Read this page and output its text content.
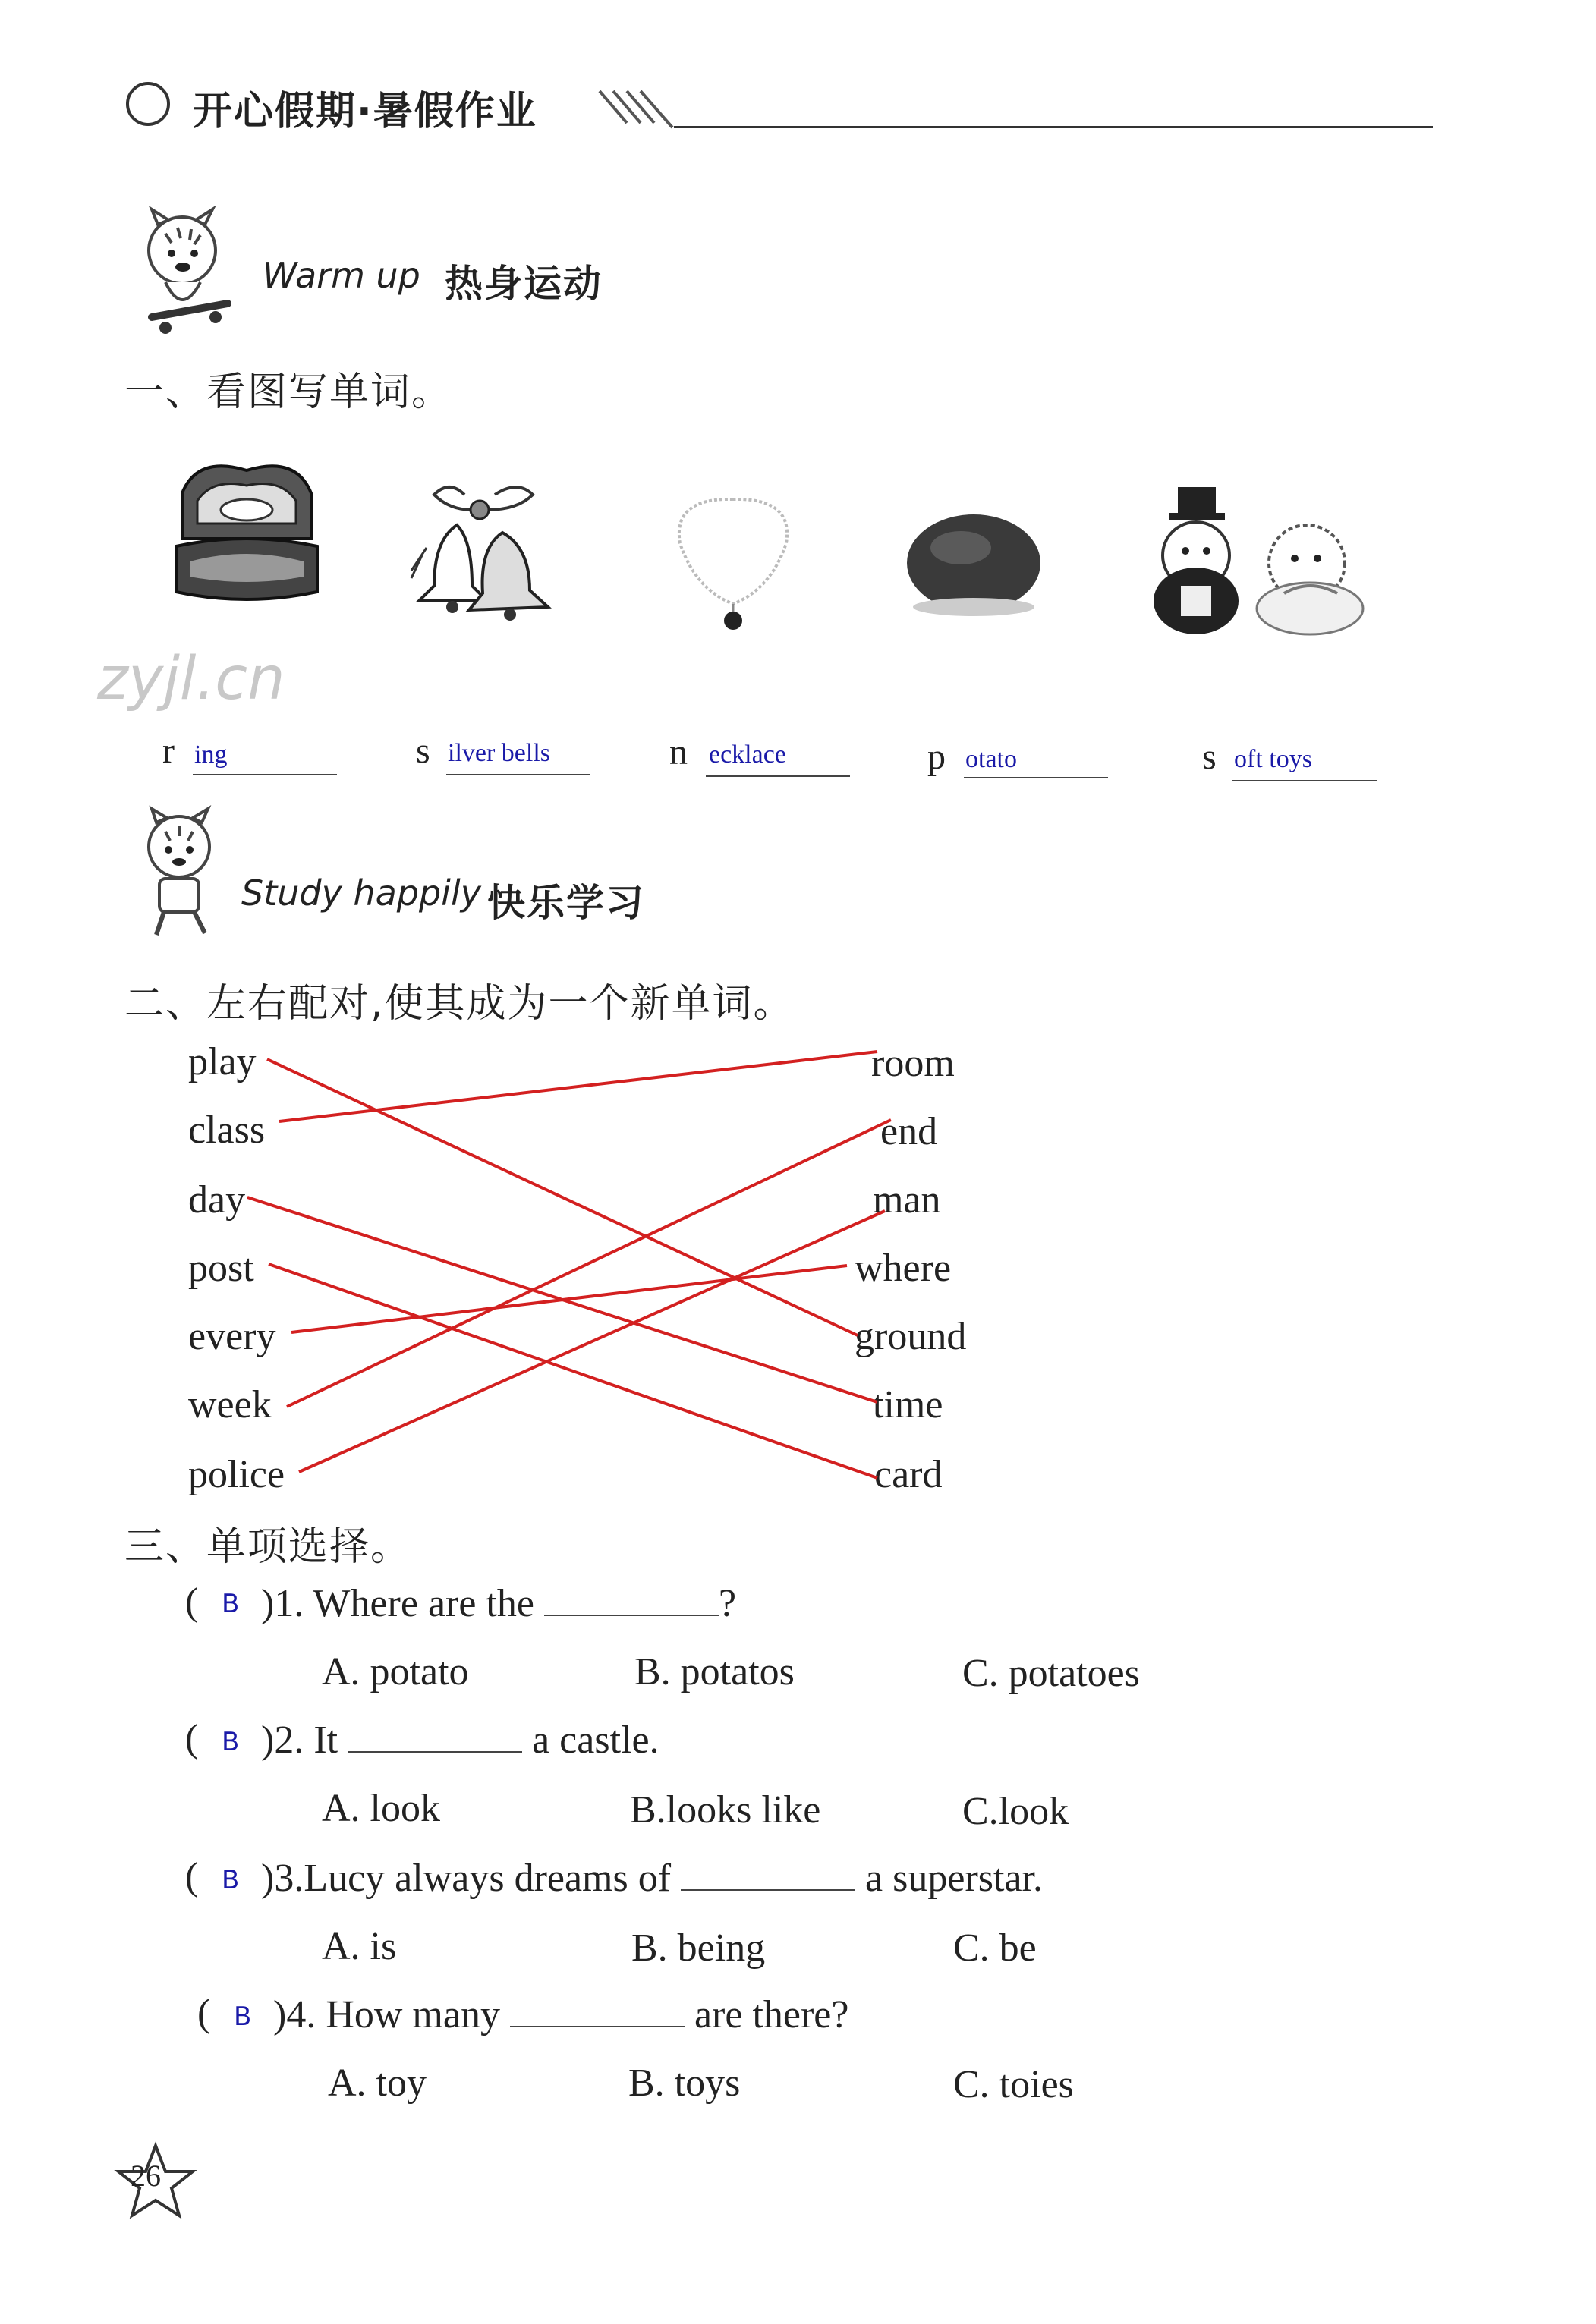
开心假期·暑假作业
Warm up 热身运动
一、看图写单词。
zyjl.cn
r ing	s ilver bells	n ecklace	p otato	s oft toys
Study happily 快乐学习
二、左右配对,使其成为一个新单词。
play
class
day
post
every
week
police
room
end
man
where
ground
time
card
三、单项选择。
( B )1. Where are the	?
A. potato	B. potatos	C. potatoes
( B )2. It	a castle.
A. look	B.looks like	C.look
( B )3.Lucy always dreams of	a superstar.
A. is	B. being	C. be
( B )4. How many	are there?
A. toy	B. toys	C. toies
26
